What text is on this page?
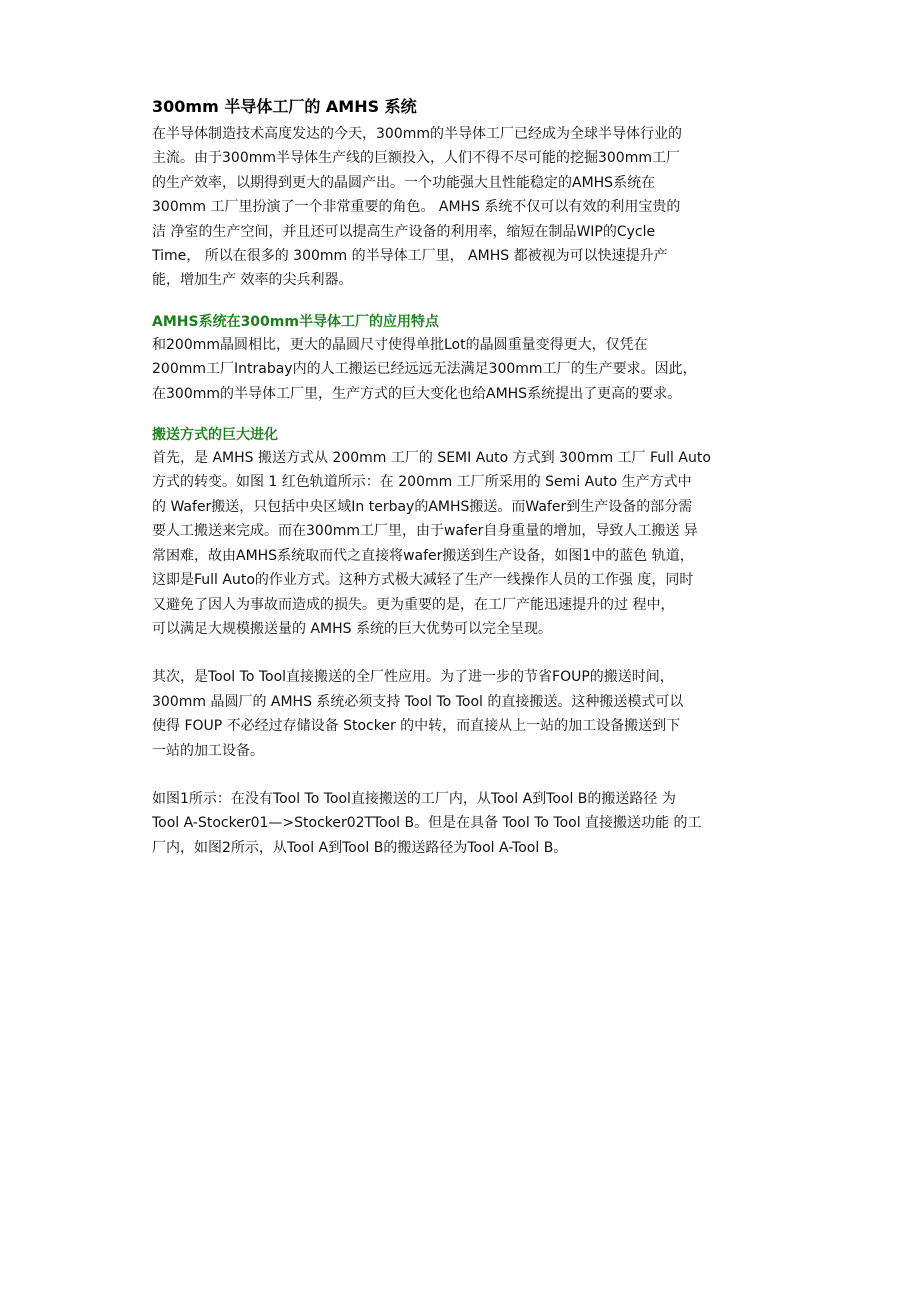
300mm 半导体工厂的 AMHS 系统
在半导体制造技术高度发达的今天，300mm的半导体工厂已经成为全球半导体行业的
主流。由于300mm半导体生产线的巨额投入，人们不得不尽可能的挖掘300mm工厂
的生产效率，以期得到更大的晶圆产出。一个功能强大且性能稳定的AMHS系统在
300mm 工厂里扮演了一个非常重要的角色。 AMHS 系统不仅可以有效的利用宝贵的
洁 净室的生产空间，并且还可以提高生产设备的利用率，缩短在制品WIP的Cycle
Time， 所以在很多的 300mm 的半导体工厂里， AMHS 都被视为可以快速提升产
能，增加生产 效率的尖兵利器。
AMHS系统在300mm半导体工厂的应用特点
和200mm晶圆相比，更大的晶圆尺寸使得单批Lot的晶圆重量变得更大，仅凭在
200mm工厂Intrabay内的人工搬运已经远远无法满足300mm工厂的生产要求。因此，
在300mm的半导体工厂里，生产方式的巨大变化也给AMHS系统提出了更高的要求。
搬送方式的巨大进化
首先，是 AMHS 搬送方式从 200mm 工厂的 SEMI Auto 方式到 300mm 工厂 Full Auto
方式的转变。如图 1 红色轨道所示：在 200mm 工厂所采用的 Semi Auto 生产方式中
的 Wafer搬送，只包括中央区域In terbay的AMHS搬送。而Wafer到生产设备的部分需
要人工搬送来完成。而在300mm工厂里，由于wafer自身重量的增加，导致人工搬送 异
常困难，故由AMHS系统取而代之直接将wafer搬送到生产设备，如图1中的蓝色 轨道，
这即是Full Auto的作业方式。这种方式极大减轻了生产一线操作人员的工作强 度，同时
又避免了因人为事故而造成的损失。更为重要的是，在工厂产能迅速提升的过 程中，
可以满足大规模搬送量的 AMHS 系统的巨大优势可以完全呈现。
其次，是Tool To Tool直接搬送的全厂性应用。为了进一步的节省FOUP的搬送时间，
300mm 晶圆厂的 AMHS 系统必须支持 Tool To Tool 的直接搬送。这种搬送模式可以
使得 FOUP 不必经过存储设备 Stocker 的中转，而直接从上一站的加工设备搬送到下
一站的加工设备。
如图1所示：在没有Tool To Tool直接搬送的工厂内，从Tool A到Tool B的搬送路径 为
Tool A-Stocker01—>Stocker02TTool B。但是在具备 Tool To Tool 直接搬送功能 的工
厂内，如图2所示，从Tool A到Tool B的搬送路径为Tool A-Tool B。
